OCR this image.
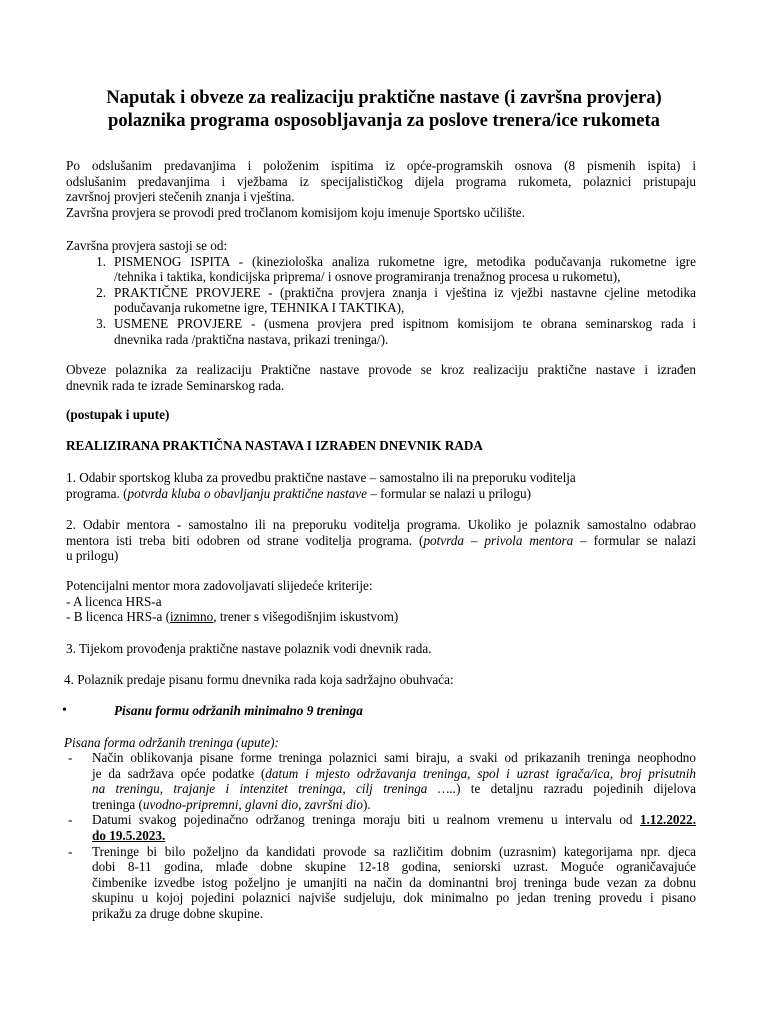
Naputak i obveze za realizaciju praktične nastave (i završna provjera)
polaznika programa osposobljavanja za poslove trenera/ice rukometa
Po odslušanim predavanjima i položenim ispitima iz opće-programskih osnova (8 pismenih ispita) i
odslušanim predavanjima i vježbama iz specijalističkog dijela programa rukometa, polaznici pristupaju
završnoj provjeri stečenih znanja i vještina.
Završna provjera se provodi pred tročlanom komisijom koju imenuje Sportsko učilište.
Završna provjera sastoji se od:
1. PISMENOG ISPITA - (kineziološka analiza rukometne igre, metodika podučavanja rukometne igre
/tehnika i taktika, kondicijska priprema/ i osnove programiranja trenažnog procesa u rukometu),
2. PRAKTIČNE PROVJERE - (praktična provjera znanja i vještina iz vježbi nastavne cjeline metodika
podučavanja rukometne igre, TEHNIKA I TAKTIKA),
3. USMENE PROVJERE - (usmena provjera pred ispitnom komisijom te obrana seminarskog rada i
dnevnika rada /praktična nastava, prikazi treninga/).
Obveze polaznika za realizaciju Praktične nastave provode se kroz realizaciju praktične nastave i izrađen
dnevnik rada te izrade Seminarskog rada.
(postupak i upute)
REALIZIRANA PRAKTIČNA NASTAVA I IZRAĐEN DNEVNIK RADA
1. Odabir sportskog kluba za provedbu praktične nastave – samostalno ili na preporuku voditelja
programa. (potvrda kluba o obavljanju praktične nastave – formular se nalazi u prilogu)
2. Odabir mentora - samostalno ili na preporuku voditelja programa. Ukoliko je polaznik samostalno odabrao
mentora isti treba biti odobren od strane voditelja programa. (potvrda – privola mentora – formular se nalazi
u prilogu)
Potencijalni mentor mora zadovoljavati slijedeće kriterije:
- A licenca HRS-a
- B licenca HRS-a (iznimno, trener s višegodišnjim iskustvom)
3. Tijekom provođenja praktične nastave polaznik vodi dnevnik rada.
4. Polaznik predaje pisanu formu dnevnika rada koja sadržajno obuhvaća:
•	Pisanu formu održanih minimalno 9 treninga
Pisana forma održanih treninga (upute):
- Način oblikovanja pisane forme treninga polaznici sami biraju, a svaki od prikazanih treninga neophodno
je da sadržava opće podatke (datum i mjesto održavanja treninga, spol i uzrast igrača/ica, broj prisutnih
na treningu, trajanje i intenzitet treninga, cilj treninga …..) te detaljnu razradu pojedinih dijelova
treninga (uvodno-pripremni, glavni dio, završni dio).
- Datumi svakog pojedinačno održanog treninga moraju biti u realnom vremenu u intervalu od 1.12.2022.
do 19.5.2023.
- Treninge bi bilo poželjno da kandidati provode sa različitim dobnim (uzrasnim) kategorijama npr. djeca
dobi 8-11 godina, mlađe dobne skupine 12-18 godina, seniorski uzrast. Moguće ograničavajuće
čimbenike izvedbe istog poželjno je umanjiti na način da dominantni broj treninga bude vezan za dobnu
skupinu u kojoj pojedini polaznici najviše sudjeluju, dok minimalno po jedan trening provedu i pisano
prikažu za druge dobne skupine.
